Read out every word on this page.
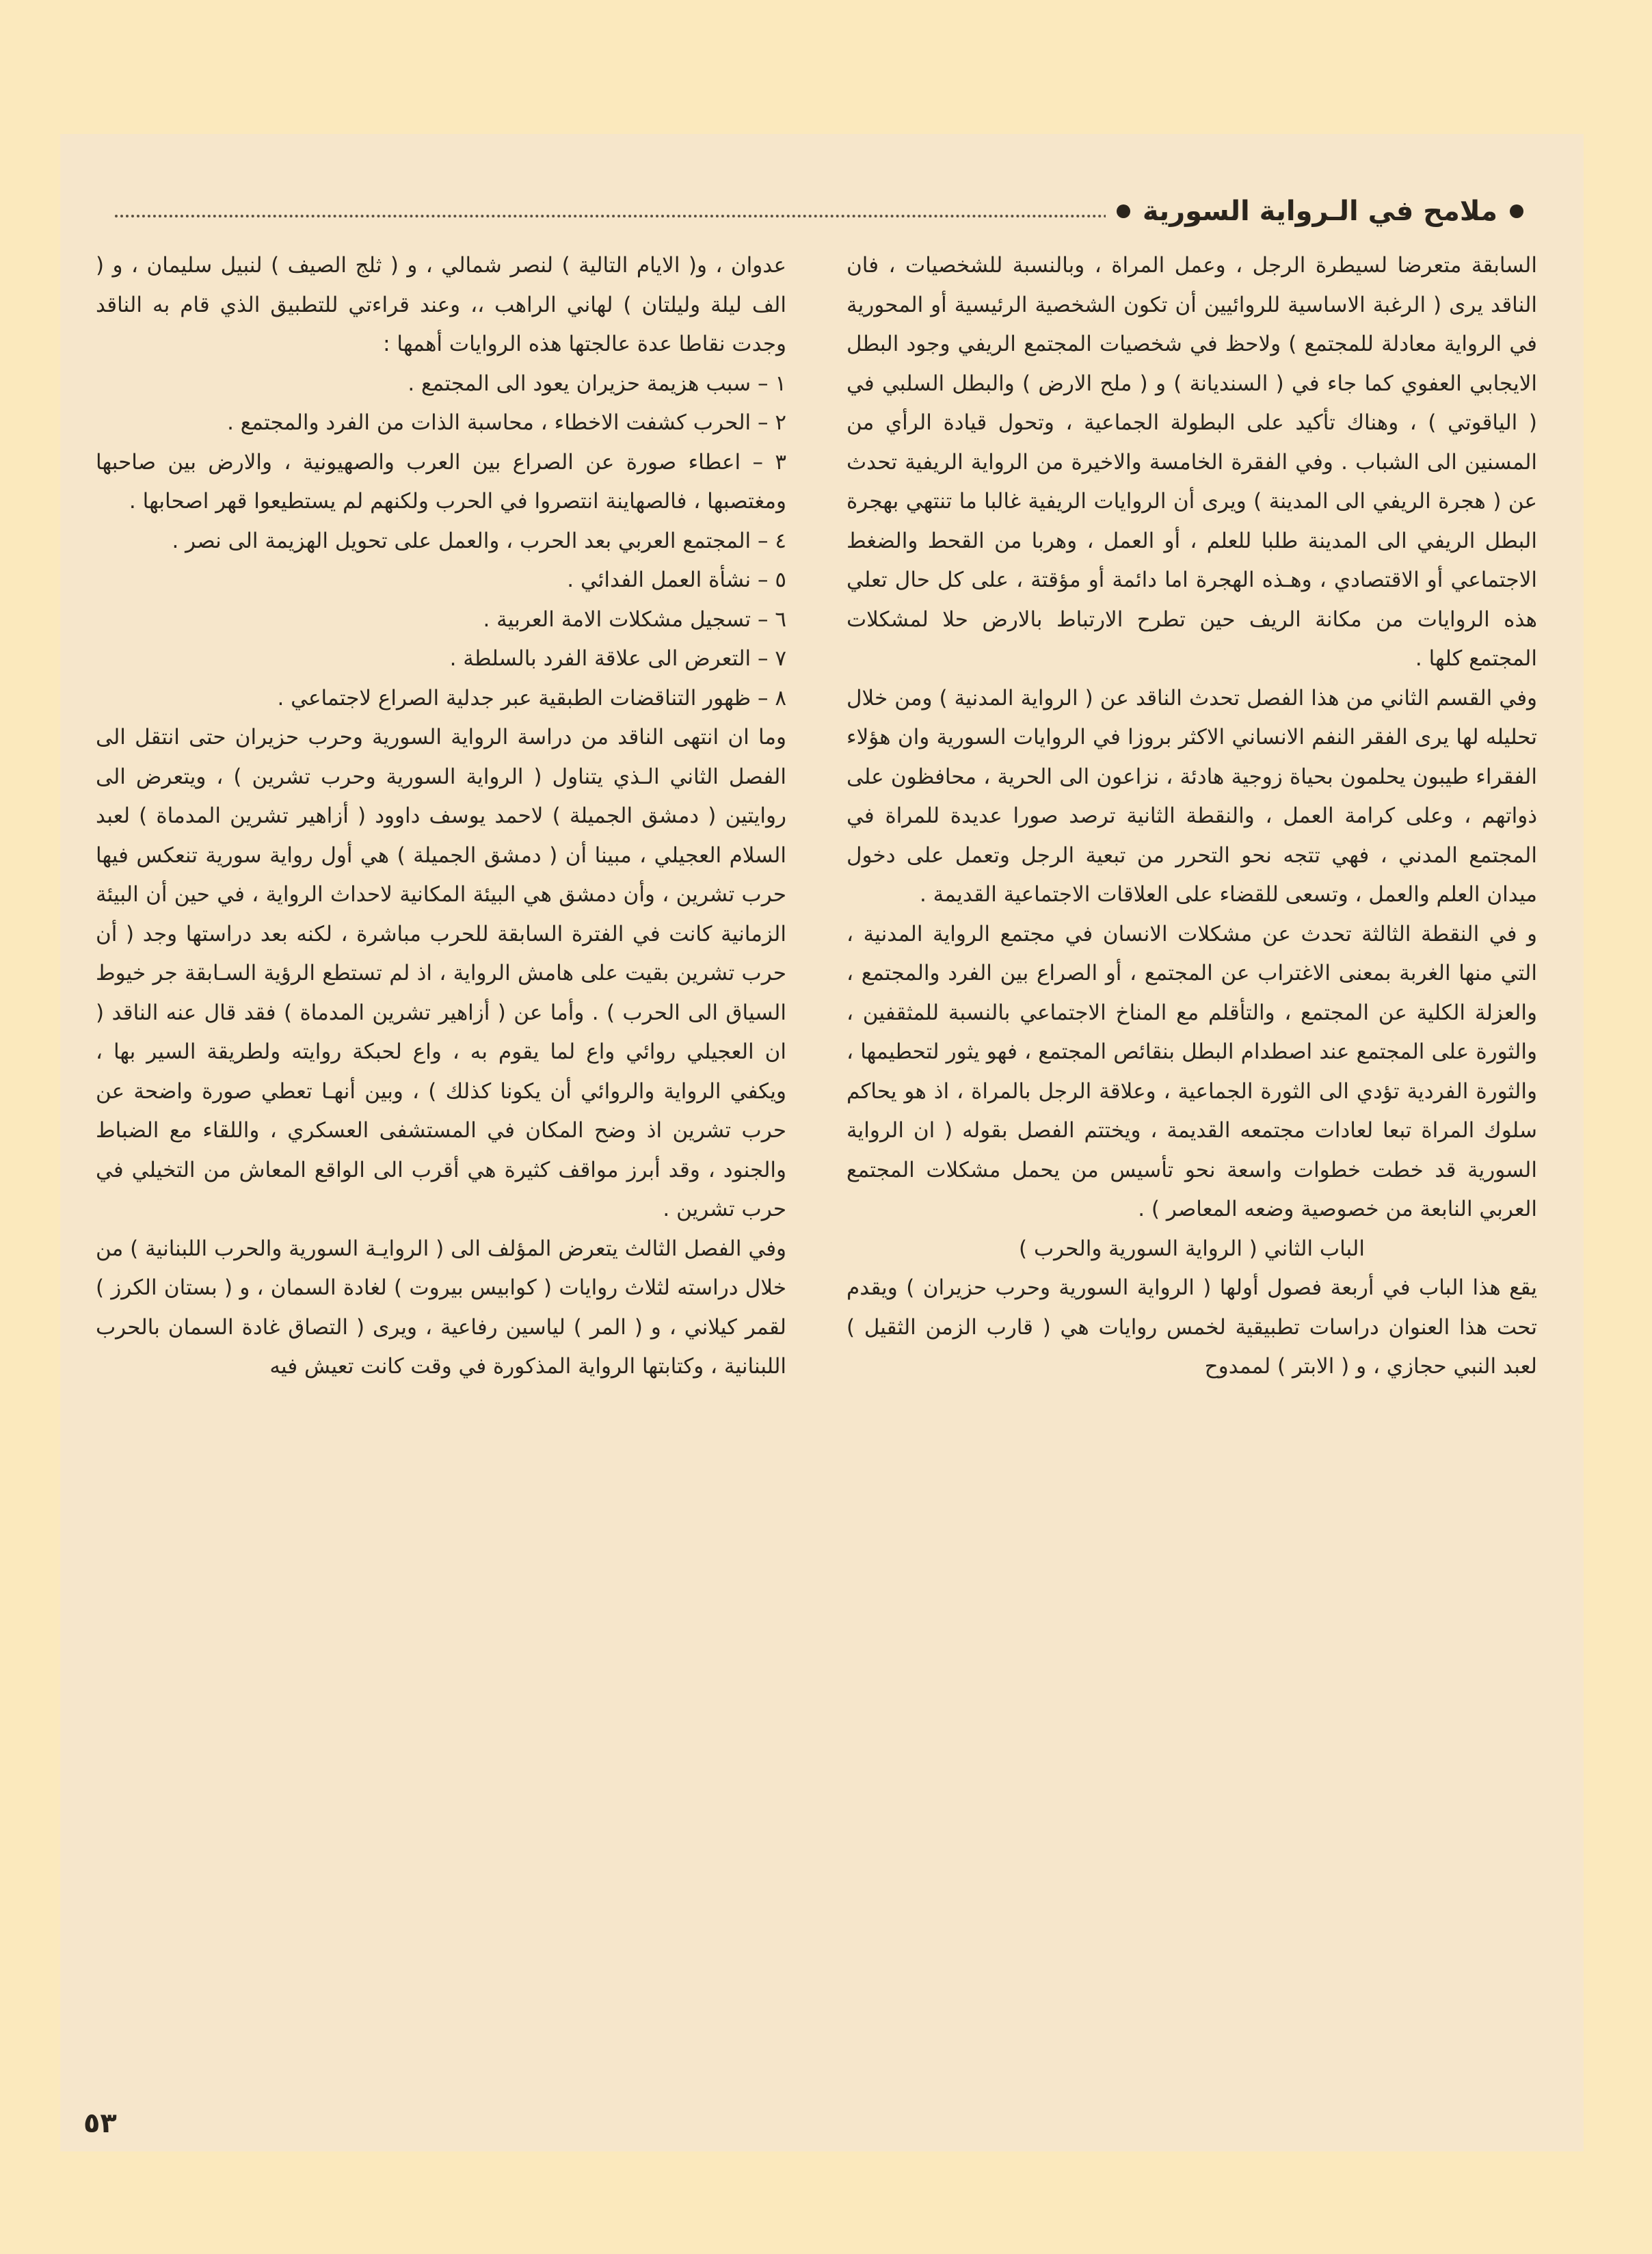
ملامح في الـرواية السورية

السابقة متعرضا لسيطرة الرجل ، وعمل المراة ، وبالنسبة للشخصيات ، فان الناقد يرى ( الرغبة الاساسية للروائيين أن تكون الشخصية الرئيسية أو المحورية في الرواية معادلة للمجتمع ) ولاحظ في شخصيات المجتمع الريفي وجود البطل الايجابي العفوي كما جاء في ( السنديانة ) و ( ملح الارض ) والبطل السلبي في ( الياقوتي ) ، وهناك تأكيد على البطولة الجماعية ، وتحول قيادة الرأي من المسنين الى الشباب . وفي الفقرة الخامسة والاخيرة من الرواية الريفية تحدث عن ( هجرة الريفي الى المدينة ) ويرى أن الروايات الريفية غالبا ما تنتهي بهجرة البطل الريفي الى المدينة طلبا للعلم ، أو العمل ، وهربا من القحط والضغط الاجتماعي أو الاقتصادي ، وهـذه الهجرة اما دائمة أو مؤقتة ، على كل حال تعلي هذه الروايات من مكانة الريف حين تطرح الارتباط بالارض حلا لمشكلات المجتمع كلها .

وفي القسم الثاني من هذا الفصل تحدث الناقد عن ( الرواية المدنية ) ومن خلال تحليله لها يرى الفقر النفم الانساني الاكثر بروزا في الروايات السورية وان هؤلاء الفقراء طيبون يحلمون بحياة زوجية هادئة ، نزاعون الى الحرية ، محافظون على ذواتهم ، وعلى كرامة العمل ، والنقطة الثانية ترصد صورا عديدة للمراة في المجتمع المدني ، فهي تتجه نحو التحرر من تبعية الرجل وتعمل على دخول ميدان العلم والعمل ، وتسعى للقضاء على العلاقات الاجتماعية القديمة .

و في النقطة الثالثة تحدث عن مشكلات الانسان في مجتمع الرواية المدنية ، التي منها الغربة بمعنى الاغتراب عن المجتمع ، أو الصراع بين الفرد والمجتمع ، والعزلة الكلية عن المجتمع ، والتأقلم مع المناخ الاجتماعي بالنسبة للمثقفين ، والثورة على المجتمع عند اصطدام البطل بنقائص المجتمع ، فهو يثور لتحطيمها ، والثورة الفردية تؤدي الى الثورة الجماعية ، وعلاقة الرجل بالمراة ، اذ هو يحاكم سلوك المراة تبعا لعادات مجتمعه القديمة ، ويختتم الفصل بقوله ( ان الرواية السورية قد خطت خطوات واسعة نحو تأسيس من يحمل مشكلات المجتمع العربي النابعة من خصوصية وضعه المعاصر ) .

الباب الثاني ( الرواية السورية والحرب )

يقع هذا الباب في أربعة فصول أولها ( الرواية السورية وحرب حزيران ) ويقدم تحت هذا العنوان دراسات تطبيقية لخمس روايات هي ( قارب الزمن الثقيل ) لعبد النبي حجازي ، و ( الابتر ) لممدوح

عدوان ، و( الايام التالية ) لنصر شمالي ، و ( ثلج الصيف ) لنبيل سليمان ، و ( الف ليلة وليلتان ) لهاني الراهب ،، وعند قراءتي للتطبيق الذي قام به الناقد وجدت نقاطا عدة عالجتها هذه الروايات أهمها :

١ – سبب هزيمة حزيران يعود الى المجتمع .

٢ – الحرب كشفت الاخطاء ، محاسبة الذات من الفرد والمجتمع .

٣ – اعطاء صورة عن الصراع بين العرب والصهيونية ، والارض بين صاحبها ومغتصبها ، فالصهاينة انتصروا في الحرب ولكنهم لم يستطيعوا قهر اصحابها .

٤ – المجتمع العربي بعد الحرب ، والعمل على تحويل الهزيمة الى نصر .

٥ – نشأة العمل الفدائي .

٦ – تسجيل مشكلات الامة العربية .

٧ – التعرض الى علاقة الفرد بالسلطة .

٨ – ظهور التناقضات الطبقية عبر جدلية الصراع لاجتماعي .

وما ان انتهى الناقد من دراسة الرواية السورية وحرب حزيران حتى انتقل الى الفصل الثاني الـذي يتناول ( الرواية السورية وحرب تشرين ) ، ويتعرض الى روايتين ( دمشق الجميلة ) لاحمد يوسف داوود ( أزاهير تشرين المدماة ) لعبد السلام العجيلي ، مبينا أن ( دمشق الجميلة ) هي أول رواية سورية تنعكس فيها حرب تشرين ، وأن دمشق هي البيئة المكانية لاحداث الرواية ، في حين أن البيئة الزمانية كانت في الفترة السابقة للحرب مباشرة ، لكنه بعد دراستها وجد ( أن حرب تشرين بقيت على هامش الرواية ، اذ لم تستطع الرؤية السـابقة جر خيوط السياق الى الحرب ) . وأما عن ( أزاهير تشرين المدماة ) فقد قال عنه الناقد ( ان العجيلي روائي واع لما يقوم به ، واع لحبكة روايته ولطريقة السير بها ، ويكفي الرواية والروائي أن يكونا كذلك ) ، وبين أنهـا تعطي صورة واضحة عن حرب تشرين اذ وضح المكان في المستشفى العسكري ، واللقاء مع الضباط والجنود ، وقد أبرز مواقف كثيرة هي أقرب الى الواقع المعاش من التخيلي في حرب تشرين .

وفي الفصل الثالث يتعرض المؤلف الى ( الروايـة السورية والحرب اللبنانية ) من خلال دراسته لثلاث روايات ( كوابيس بيروت ) لغادة السمان ، و ( بستان الكرز ) لقمر كيلاني ، و ( المر ) لياسين رفاعية ، ويرى ( التصاق غادة السمان بالحرب اللبنانية ، وكتابتها الرواية المذكورة في وقت كانت تعيش فيه

٥٣
